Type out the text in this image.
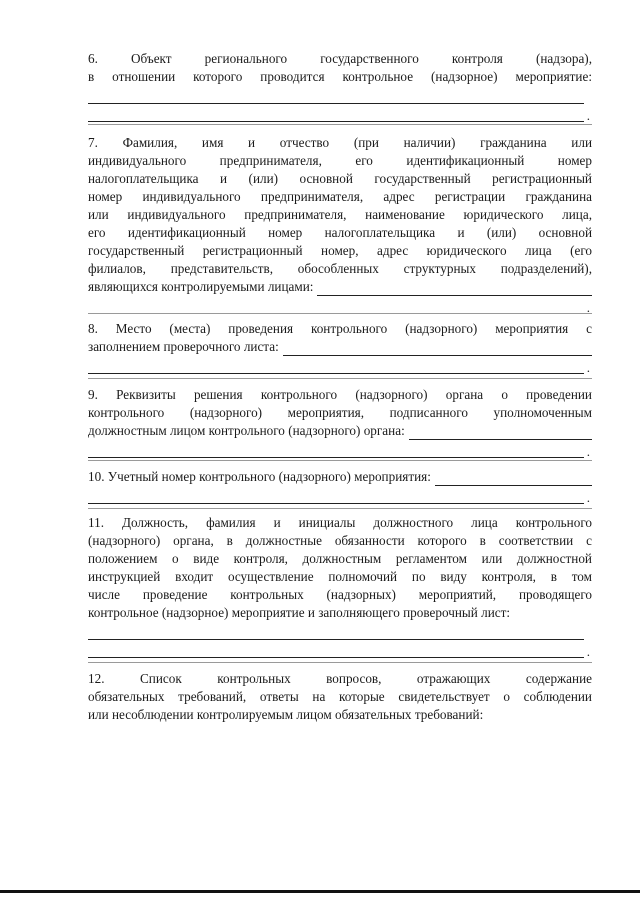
6. Объект регионального государственного контроля (надзора),
в отношении которого проводится контрольное (надзорное) мероприятие:
.
7. Фамилия, имя и отчество (при наличии) гражданина или
индивидуального предпринимателя, его идентификационный номер
налогоплательщика и (или) основной государственный регистрационный
номер индивидуального предпринимателя, адрес регистрации гражданина
или индивидуального предпринимателя, наименование юридического лица,
его идентификационный номер налогоплательщика и (или) основной
государственный регистрационный номер, адрес юридического лица (его
филиалов, представительств, обособленных структурных подразделений),
являющихся контролируемыми лицами:
.
8. Место (места) проведения контрольного (надзорного) мероприятия с
заполнением проверочного листа:
.
9. Реквизиты решения контрольного (надзорного) органа о проведении
контрольного (надзорного) мероприятия, подписанного уполномоченным
должностным лицом контрольного (надзорного) органа:
.
10. Учетный номер контрольного (надзорного) мероприятия:
.
11. Должность, фамилия и инициалы должностного лица контрольного
(надзорного) органа, в должностные обязанности которого в соответствии с
положением о виде контроля, должностным регламентом или должностной
инструкцией входит осуществление полномочий по виду контроля, в том
числе проведение контрольных (надзорных) мероприятий, проводящего
контрольное (надзорное) мероприятие и заполняющего проверочный лист:
.
12. Список контрольных вопросов, отражающих содержание
обязательных требований, ответы на которые свидетельствует о соблюдении
или несоблюдении контролируемым лицом обязательных требований:
